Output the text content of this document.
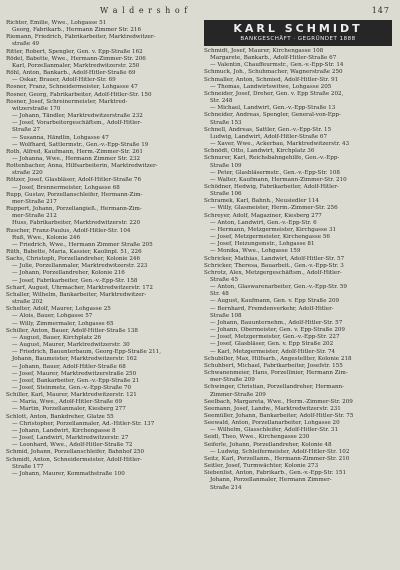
W a l d e r s h o f	147
Richter, Emilie, Wwe., Lohgasse 51
Georg, Fabrikarb., Hermann Zimmer Str. 216
Riemann, Friedrich, Fabrikarbeiter, Marktredwitzer-
straße 49
Ritter, Robert, Spengler, Gen. v. Epp-Straße 162
Rödel, Babette, Wwe., Hermann-Zimmer-Str. 206
Karl, Porzellanmaler, Marktredwitzerstr. 250
Röhl, Anton, Bankarb., Adolf-Hitler-Straße 69
— Oskar, Brauer, Adolf-Hitler-Str. 69
Rosner, Franz, Schneidermeister, Lohgasse 47
Rosner, Georg, Fabrikarbeiter, Adolf-Hitler-Str. 150
Rosner, Josef, Schreinermeister, Marktred-
witzerstraße 170
— Johann, Tändler, Marktredwitzerstraße 232
— Josef, Vorarbeitergeschäftsm., Adolf-Hitler-
Straße 27
— Susanna, Händlin, Lohgasse 47
— Wolfhard, Sattlermstr., Gen.-v.-Epp-Straße 19
Roth, Alfred, Kaufmann, Herm.-Zimmer-Str. 261
— Johanna, Wwe., Hermann Zimmer Str. 232
Rottenbacher, Anna, Hilfsarbeiterin, Marktredwitzer-
straße 220
Rötzer, Josef, Glasbläser, Adolf-Hitler-Straße 76
— Josef, Brennermeister, Lohgasse 68
Rupp, Gustav, Porzellanschleifer, Hermann-Zim-
mer-Straße 217
Ruppert, Johann, Porzellangieß., Hermann-Zim-
mer-Straße 212
Huss, Fabrikarbeiter, Marktredwitzerstr. 220
Ruscher, Franz-Paulus, Adolf-Hitler-Str. 104
Ruß, Wwe., Kolonie 246
— Friedrich, Wwe., Hermann Zimmer Straße 205
Rüth, Babette, Maria, Kassier, Kaolinpl. 51, 226
Sachs, Christoph, Porzellandreher, Kolonie 246
— Julie, Porzellanmaler, Marktredwitzerstr. 223
— Johann, Porzellandreher, Kolonie 216
— Josef, Fabrikarbeiter, Gen.-v.-Epp-Str. 158
Scharf, August, Uhrmacher, Marktredwitzerstr. 172
Schaller, Wilhelm, Bankarbeiter, Marktredwitzer-
straße 202
Schelter, Adolf, Maurer, Lohgasse 25
— Alois, Bauer, Lohgasse 57
— Willy, Zimmermaler, Lohgasse 65
Schiller, Anton, Bauer, Adolf-Hitler-Straße 138
— August, Bauer, Kirchplatz 26
— August, Maurer, Marktredwitzerstr. 30
— Friedrich, Bauunterbaum, Georg-Epp-Straße 211,
Johann, Baumeister, Marktredwitzerstr. 162
— Johann, Bauer, Adolf-Hitler-Straße 68
— Josef, Maurer, Marktredwitzerstraße 250
— Josef, Bankarbeiter, Gen.-v.-Epp-Straße 21
— Josef, Steinmetz, Gen.-v.-Epp-Straße 70
Schiller, Karl, Maurer, Marktredwitzerstr. 121
— Maria, Wwe., Adolf-Hitler-Straße 69
— Martin, Porzellanmaler, Kiesberg 277
Schlott, Anton, Bankdreher, Glatze 55
— Christopher, Porzellanmaler, Ad.-Hitler-Str. 137
— Johann, Landwirt, Kirchengasse 8
— Josef, Landwirt, Marktredwitzerstr. 27
— Leonhard, Wwe., Adolf-Hitler-Straße 72
Schmid, Johann, Porzellanschleifer, Bahnhof 250
Schmidt, Anton, Schneidermeister, Adolf-Hitler-
Straße 177
— Johann, Maurer, Kommathstraße 100
KARL SCHMIDT
BANKGESCHÄFT · GEGRÜNDET 1888
Schmidt, Josef, Maurer, Kirchengasse 108
Margarete, Bankarb., Adolf-Hitler-Straße 67
— Valentin, Chauffeurmstr., Gen.-v.-Epp-Str. 14
Schmuck, Joh., Schuhmacher, Wagnerstraße 250
Schmaller, Anton, Schmied, Adolf-Hitler-Str. 91
— Thomas, Landwirtswitwe, Lohgasse 205
Schneider, Josef, Dreher, Gen. v. Epp Straße 202,
Str. 248
— Michael, Landwirt, Gen.-v.-Epp-Straße 13
Schneider, Andreas, Spengler, General-von-Epp-
Straße 153
Schnell, Andreas, Sattler, Gen.-v.-Epp-Str. 15
Ludwig, Landwirt, Adolf-Hitler-Straße 67
— Xaver, Wwe., Ackerbau, Marktredwitzerstr. 43
Schnödt, Otto, Landwirt, Kirchplatz 36
Schnurer, Karl, Reichsbahngehilfe, Gen.-v.-Epp-
Straße 109
— Peter, Glasbläsermstr., Gen.-v.-Epp-Str. 108
— Walter, Kaufmann, Hermann-Zimmer-Str. 210
Schödner, Hedwig, Fabrikarbeiter, Adolf-Hitler-
Straße 106
Schramek, Karl, Bahnh., Neusiedler 114
— Willy, Glasmeister, Herm.-Zimmer-Str. 256
Schreyer, Adolf, Magaziner, Kiesberg 277
— Anton, Landwirt, Gen.-v.-Epp-Str. 6
— Hermann, Metzgermeister, Kirchgasse 31
— Josef, Metzgermeister, Kirchengasse 56
— Josef, Heizungsmstr., Lohgasse 81
— Monika, Wwe., Lohgasse 159
Schricker, Mathias, Landwirt, Adolf-Hitler-Str. 57
Schricker, Theresa, Bauarbeit., Gen.-v.-Epp-Str. 3
Schrotz, Alex, Metzgergeschäftsm., Adolf-Hitler-
Straße 45
— Anton, Glaswarenarbeiter, Gen.-v.-Epp-Str. 59
Str. 48
— August, Kaufmann, Gen. v. Epp Straße 209
— Bernhard, Fremdenverkehr, Adolf-Hitler-
Straße 108
— Johann, Bauunternehm., Adolf-Hitler-Str. 57
— Johann, Obermeister, Gen. v. Epp-Straße 209
— Josef, Metzgermeister, Gen.-v.-Epp-Str. 227
— Josef, Glasbläser, Gen. v. Epp Straße 202
— Karl, Metzgermeister, Adolf-Hitler-Str. 74
Schubiller, Max, Hilfsarb., Angestellter, Kolonie 218
Schuhbert, Michael, Fabrikarbeiter, Josefstr. 155
Schwanenmeier, Hans, Porzellinier, Hermann Zim-
mer-Straße 209
Schwinger, Christian, Porzellandreher, Hermann-
Zimmer-Straße 209
Seelbach, Margareta, Wwe., Herm.-Zimmer-Str. 209
Seemann, Josef, Landw., Marktredwitzerstr. 231
Seemüller, Johann, Bankarbeiter, Adolf-Hitler-Str. 75
Seewald, Anton, Porzellanarbeiter, Lohgasse 20
— Wilhelm, Glasschleifer, Adolf-Hitler-Str. 31
Seidl, Theo, Wwe., Kirchengasse 230
Seiferle, Johann, Porzellandreher, Kolonie 48
— Ludwig, Schleifermeister, Adolf-Hitler-Str. 102
Seitz, Karl, Porzellanm., Hermann-Zimmer-Str. 210
Seitler, Josef, Turmwächter, Kolonie 273
Siebenlist, Anton, Fabrikarb., Gen.-v.-Epp-Str. 151
Johann, Porzellanmaler, Hermann Zimmer-
Straße 214
